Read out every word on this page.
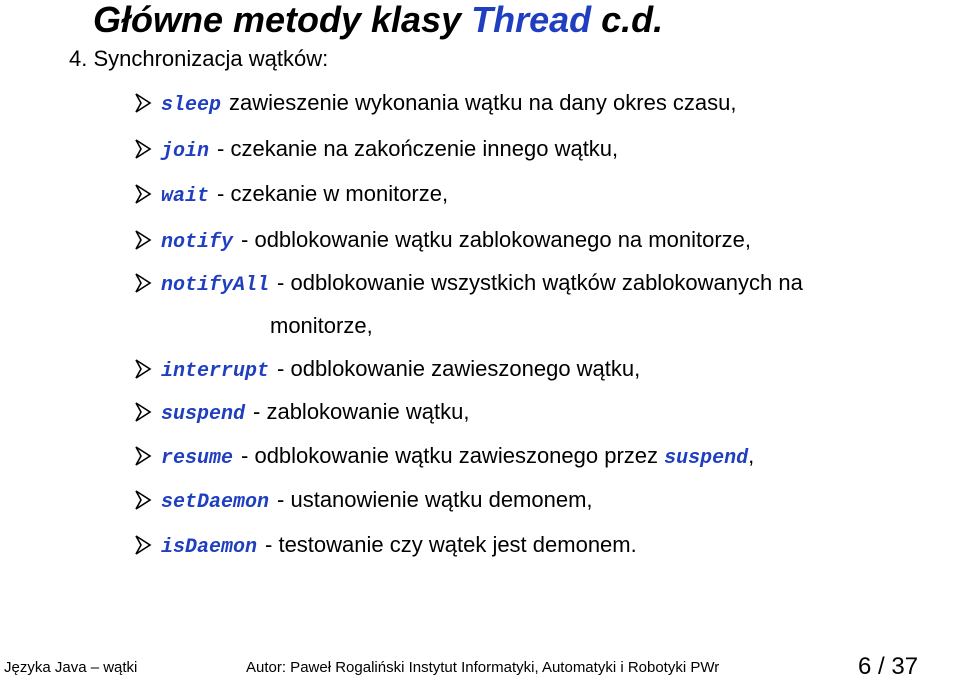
Główne metody klasy Thread c.d.
4. Synchronizacja wątków:
sleep zawieszenie wykonania wątku na dany okres czasu,
join - czekanie na zakończenie innego wątku,
wait - czekanie w monitorze,
notify - odblokowanie wątku zablokowanego na monitorze,
notifyAll - odblokowanie wszystkich wątków zablokowanych na
interrupt - odblokowanie zawieszonego wątku,
suspend - zablokowanie wątku,
resume - odblokowanie wątku zawieszonego przez suspend,
setDaemon - ustanowienie wątku demonem,
isDaemon - testowanie czy wątek jest demonem.
monitorze,
Języka Java – wątki	Autor: Paweł Rogaliński Instytut Informatyki, Automatyki i Robotyki PWr	6 / 37
